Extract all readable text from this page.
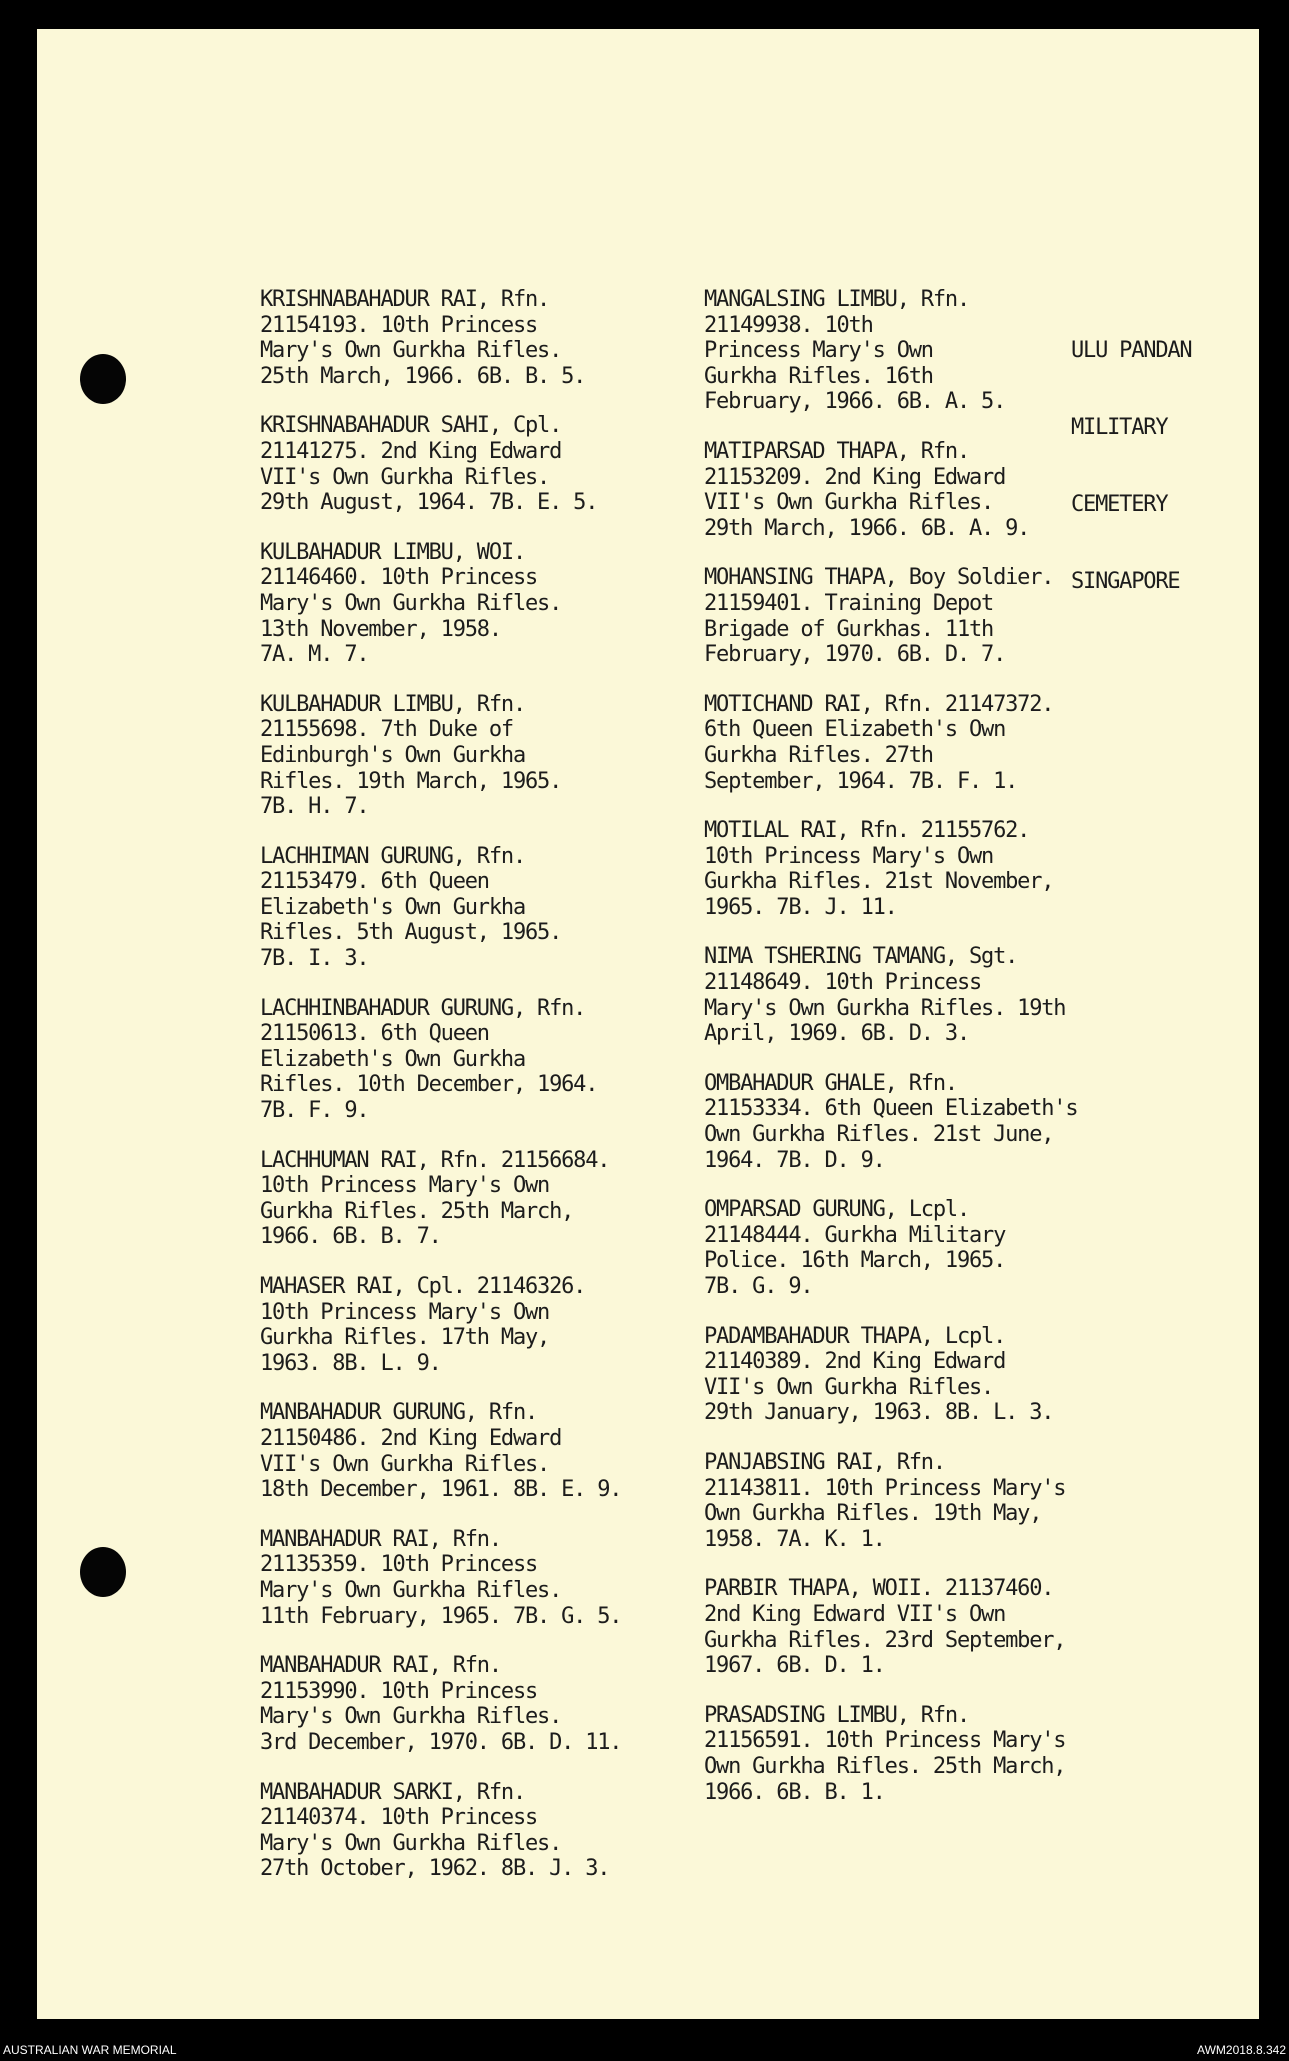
KRISHNABAHADUR RAI, Rfn.
21154193. 10th Princess
Mary's Own Gurkha Rifles.
25th March, 1966. 6B. B. 5.
KRISHNABAHADUR SAHI, Cpl.
21141275. 2nd King Edward
VII's Own Gurkha Rifles.
29th August, 1964. 7B. E. 5.
KULBAHADUR LIMBU, WOI.
21146460. 10th Princess
Mary's Own Gurkha Rifles.
13th November, 1958.
7A. M. 7.
KULBAHADUR LIMBU, Rfn.
21155698. 7th Duke of
Edinburgh's Own Gurkha
Rifles. 19th March, 1965.
7B. H. 7.
LACHHIMAN GURUNG, Rfn.
21153479. 6th Queen
Elizabeth's Own Gurkha
Rifles. 5th August, 1965.
7B. I. 3.
LACHHINBAHADUR GURUNG, Rfn.
21150613. 6th Queen
Elizabeth's Own Gurkha
Rifles. 10th December, 1964.
7B. F. 9.
LACHHUMAN RAI, Rfn. 21156684.
10th Princess Mary's Own
Gurkha Rifles. 25th March,
1966. 6B. B. 7.
MAHASER RAI, Cpl. 21146326.
10th Princess Mary's Own
Gurkha Rifles. 17th May,
1963. 8B. L. 9.
MANBAHADUR GURUNG, Rfn.
21150486. 2nd King Edward
VII's Own Gurkha Rifles.
18th December, 1961. 8B. E. 9.
MANBAHADUR RAI, Rfn.
21135359. 10th Princess
Mary's Own Gurkha Rifles.
11th February, 1965. 7B. G. 5.
MANBAHADUR RAI, Rfn.
21153990. 10th Princess
Mary's Own Gurkha Rifles.
3rd December, 1970. 6B. D. 11.
MANBAHADUR SARKI, Rfn.
21140374. 10th Princess
Mary's Own Gurkha Rifles.
27th October, 1962. 8B. J. 3.
MANGALSING LIMBU, Rfn.
21149938. 10th
Princess Mary's Own
Gurkha Rifles. 16th
February, 1966. 6B. A. 5.
MATIPARSAD THAPA, Rfn.
21153209. 2nd King Edward
VII's Own Gurkha Rifles.
29th March, 1966. 6B. A. 9.
MOHANSING THAPA, Boy Soldier.
21159401. Training Depot
Brigade of Gurkhas. 11th
February, 1970. 6B. D. 7.
MOTICHAND RAI, Rfn. 21147372.
6th Queen Elizabeth's Own
Gurkha Rifles. 27th
September, 1964. 7B. F. 1.
MOTILAL RAI, Rfn. 21155762.
10th Princess Mary's Own
Gurkha Rifles. 21st November,
1965. 7B. J. 11.
NIMA TSHERING TAMANG, Sgt.
21148649. 10th Princess
Mary's Own Gurkha Rifles. 19th
April, 1969. 6B. D. 3.
OMBAHADUR GHALE, Rfn.
21153334. 6th Queen Elizabeth's
Own Gurkha Rifles. 21st June,
1964. 7B. D. 9.
OMPARSAD GURUNG, Lcpl.
21148444. Gurkha Military
Police. 16th March, 1965.
7B. G. 9.
PADAMBAHADUR THAPA, Lcpl.
21140389. 2nd King Edward
VII's Own Gurkha Rifles.
29th January, 1963. 8B. L. 3.
PANJABSING RAI, Rfn.
21143811. 10th Princess Mary's
Own Gurkha Rifles. 19th May,
1958. 7A. K. 1.
PARBIR THAPA, WOII. 21137460.
2nd King Edward VII's Own
Gurkha Rifles. 23rd September,
1967. 6B. D. 1.
PRASADSING LIMBU, Rfn.
21156591. 10th Princess Mary's
Own Gurkha Rifles. 25th March,
1966. 6B. B. 1.

ULU PANDAN

MILITARY

CEMETERY

SINGAPORE

AUSTRALIAN WAR MEMORIAL	AWM2018.8.342
